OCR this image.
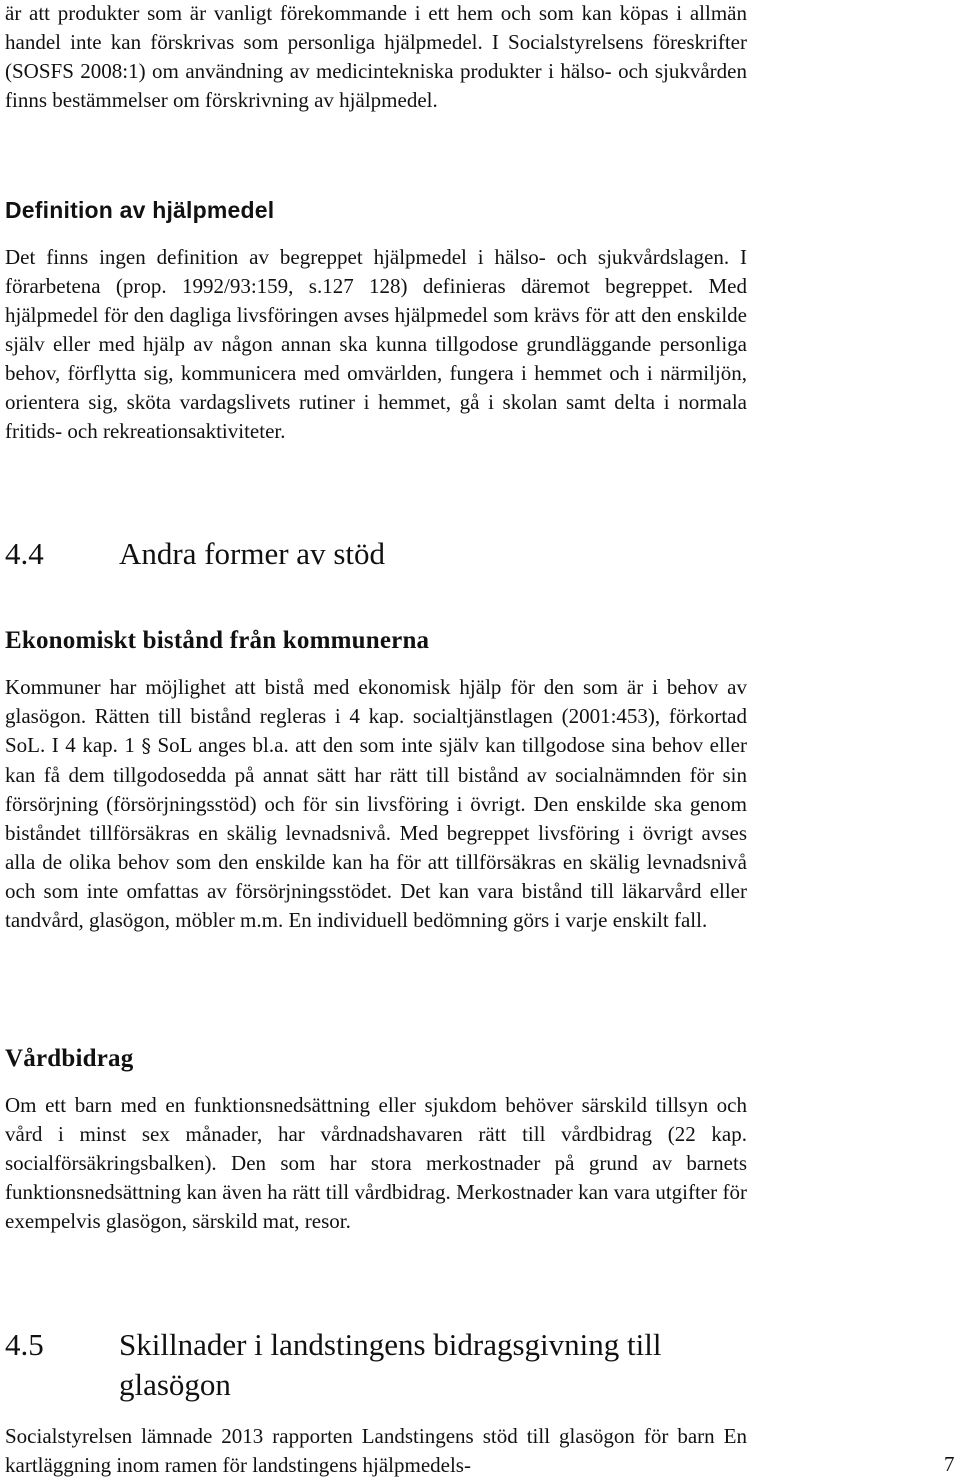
är att produkter som är vanligt förekommande i ett hem och som kan köpas i allmän handel inte kan förskrivas som personliga hjälpmedel. I Socialstyrelsens föreskrifter (SOSFS 2008:1) om användning av medicintekniska produkter i hälso- och sjukvården finns bestämmelser om förskrivning av hjälpmedel.

Definition av hjälpmedel

Det finns ingen definition av begreppet hjälpmedel i hälso- och sjukvårdslagen. I förarbetena (prop. 1992/93:159, s.127 128) definieras däremot begreppet. Med hjälpmedel för den dagliga livsföringen avses hjälpmedel som krävs för att den enskilde själv eller med hjälp av någon annan ska kunna tillgodose grundläggande personliga behov, förflytta sig, kommunicera med omvärlden, fungera i hemmet och i närmiljön, orientera sig, sköta vardagslivets rutiner i hemmet, gå i skolan samt delta i normala fritids- och rekreationsaktiviteter.

4.4	Andra former av stöd
Ekonomiskt bistånd från kommunerna

Kommuner har möjlighet att bistå med ekonomisk hjälp för den som är i behov av glasögon. Rätten till bistånd regleras i 4 kap. socialtjänstlagen (2001:453), förkortad SoL. I 4 kap. 1 § SoL anges bl.a. att den som inte själv kan tillgodose sina behov eller kan få dem tillgodosedda på annat sätt har rätt till bistånd av socialnämnden för sin försörjning (försörjningsstöd) och för sin livsföring i övrigt. Den enskilde ska genom biståndet tillförsäkras en skälig levnadsnivå. Med begreppet livsföring i övrigt avses alla de olika behov som den enskilde kan ha för att tillförsäkras en skälig levnadsnivå och som inte omfattas av försörjningsstödet. Det kan vara bistånd till läkarvård eller tandvård, glasögon, möbler m.m. En individuell bedömning görs i varje enskilt fall.

Vårdbidrag

Om ett barn med en funktionsnedsättning eller sjukdom behöver särskild tillsyn och vård i minst sex månader, har vårdnadshavaren rätt till vårdbidrag (22 kap. socialförsäkringsbalken). Den som har stora merkostnader på grund av barnets funktionsnedsättning kan även ha rätt till vårdbidrag. Merkostnader kan vara utgifter för exempelvis glasögon, särskild mat, resor.

4.5	Skillnader i landstingens bidragsgivning till glasögon

Socialstyrelsen lämnade 2013 rapporten Landstingens stöd till glasögon för barn En kartläggning inom ramen för landstingens hjälpmedels-	7
